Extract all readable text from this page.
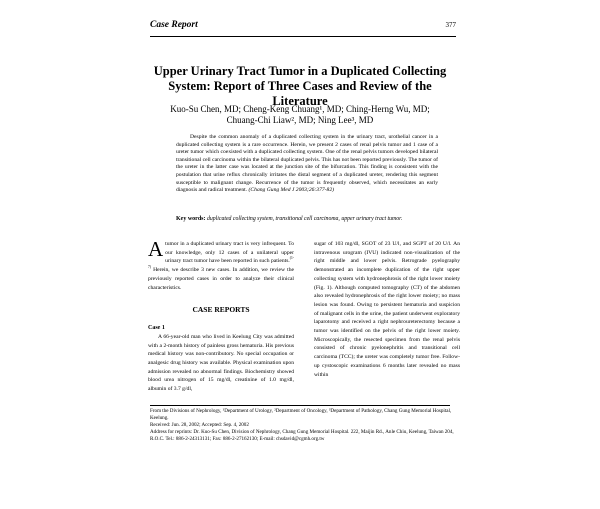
Case Report	377
Upper Urinary Tract Tumor in a Duplicated Collecting System: Report of Three Cases and Review of the Literature
Kuo-Su Chen, MD; Cheng-Keng Chuang¹, MD; Ching-Herng Wu, MD;
Chuang-Chi Liaw², MD; Ning Lee³, MD
Despite the common anomaly of a duplicated collecting system in the urinary tract, urothelial cancer in a duplicated collecting system is a rare occurrence. Herein, we present 2 cases of renal pelvis tumor and 1 case of a ureter tumor which coexisted with a duplicated collecting system. One of the renal pelvis tumors developed bilateral transitional cell carcinoma within the bilateral duplicated pelvis. This has not been reported previously. The tumor of the ureter in the latter case was located at the junction site of the bifurcation. This finding is consistent with the postulation that urine reflux chronically irritates the distal segment of a duplicated ureter, rendering this segment susceptible to malignant change. Recurrence of the tumor is frequently observed, which necessitates an early diagnosis and radical treatment. (Chang Gung Med J 2003;26:377-82)
Key words: duplicated collecting system, transitional cell carcinoma, upper urinary tract tumor.

Atumor in a duplicated urinary tract is very infrequent. To our knowledge, only 12 cases of a unilateral upper urinary tract tumor have been reported in such patients.$^{(1-7)}$ Herein, we describe 3 new cases. In addition, we review the previously reported cases in order to analyze their clinical characteristics.

CASE REPORTS
Case 1

A 66-year-old man who lived in Keelung City was admitted with a 2-month history of painless gross hematuria. His previous medical history was non-contributory. No special occupation or analgesic drug history was available. Physical examination upon admission revealed no abnormal findings. Biochemistry showed blood urea nitrogen of 15 mg/dl, creatinine of 1.0 mg/dl, albumin of 3.7 g/dl,

sugar of 103 mg/dl, SGOT of 23 U/l, and SGPT of 20 U/l. An intravenous urogram (IVU) indicated non-visualization of the right middle and lower pelvis. Retrograde pyelography demonstrated an incomplete duplication of the right upper collecting system with hydronephrosis of the right lower moiety (Fig. 1). Although computed tomography (CT) of the abdomen also revealed hydronephrosis of the right lower moiety; no mass lesion was found. Owing to persistent hematuria and suspicion of malignant cells in the urine, the patient underwent exploratory laparotomy and received a right nephroureterectomy because a tumor was identified on the pelvis of the right lower moiety. Microscopically, the resected specimen from the renal pelvis consisted of chronic pyelonephritis and transitional cell carcinoma (TCC); the ureter was completely tumor free. Follow-up cystoscopic examinations 6 months later revealed no mass within

From the Divisions of Nephrology, ¹Department of Urology, ²Department of Oncology, ³Department of Pathology, Chang Gung Memorial Hospital, Keelung.

Received: Jun. 28, 2002; Accepted: Sep. 4, 2002

Address for reprints: Dr. Kuo-Su Chen, Division of Nephrology, Chang Gung Memorial Hospital. 222, Maijin Rd., Anle Chiu, Keelung, Taiwan 204, R.O.C. Tel.: 886-2-24313131; Fax: 886-2-27162130; E-mail: chsdavid@cgmh.org.tw
